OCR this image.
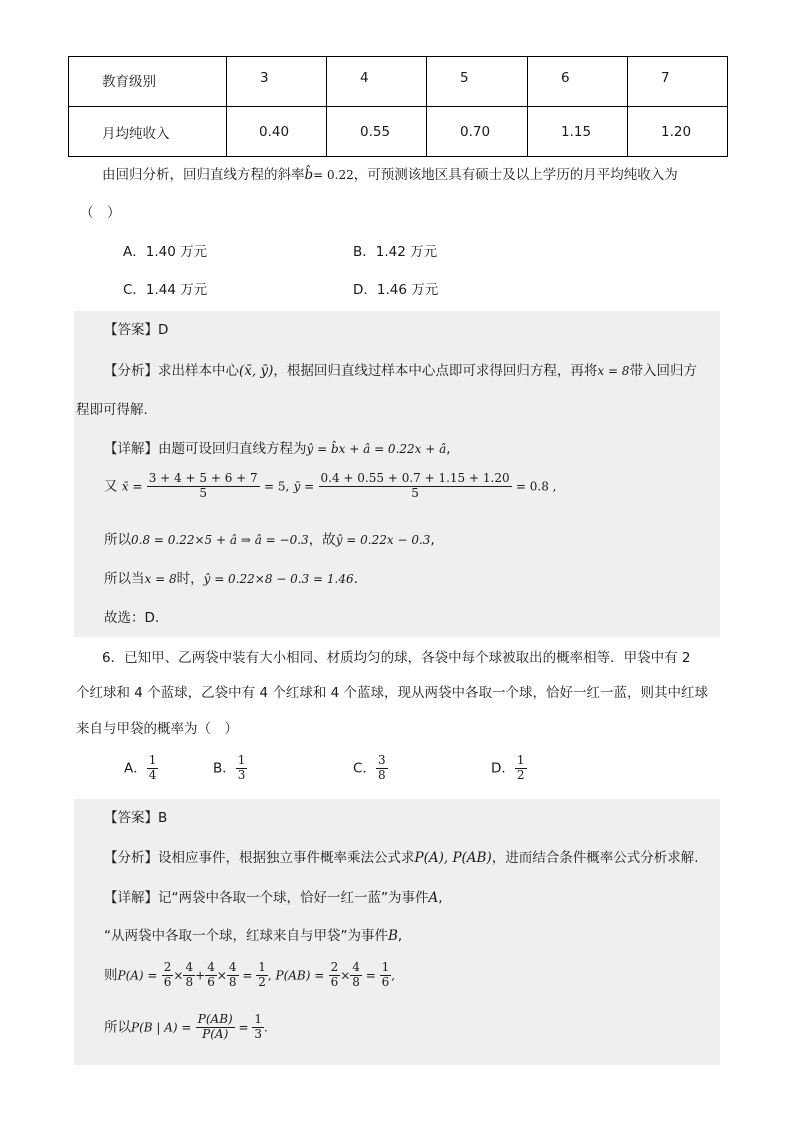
教育级别	3	4	5	6	7
月均纯收入	0.40	0.55	0.70	1.15	1.20
由回归分析，回归直线方程的斜率b̂= 0.22，可预测该地区具有硕士及以上学历的月平均纯收入为
（　）
A．1.40 万元	B．1.42 万元
C．1.44 万元	D．1.46 万元
【答案】D
【分析】求出样本中心(x̄, ȳ)，根据回归直线过样本中心点即可求得回归方程，再将x = 8带入回归方
程即可得解.
【详解】由题可设回归直线方程为ŷ = b̂x + â = 0.22x + â,
又 x̄ = $\frac{3 + 4 + 5 + 6 + 7}{5} = 5$, ȳ = $\frac{0.4 + 0.55 + 0.7 + 1.15 + 1.20}{5} = 0.8$ ,
所以0.8 = 0.22×5 + â ⇒ â = −0.3，故ŷ = 0.22x − 0.3,
所以当x = 8时，ŷ = 0.22×8 − 0.3 = 1.46.
故选：D.
6．已知甲、乙两袋中装有大小相同、材质均匀的球，各袋中每个球被取出的概率相等．甲袋中有 2
个红球和 4 个蓝球，乙袋中有 4 个红球和 4 个蓝球，现从两袋中各取一个球，恰好一红一蓝，则其中红球
来自与甲袋的概率为（　）
A． $\frac{1}{4}$	B． $\frac{1}{3}$	C． $\frac{3}{8}$	D． $\frac{1}{2}$
【答案】B
【分析】设相应事件，根据独立事件概率乘法公式求P(A), P(AB)，进而结合条件概率公式分析求解.
【详解】记“两袋中各取一个球，恰好一红一蓝”为事件A,
“从两袋中各取一个球，红球来自与甲袋”为事件B,
则$P(A) = \frac{2}{6} \times \frac{4}{8} + \frac{4}{6} \times \frac{4}{8} = \frac{1}{2}$ , $P(AB) = \frac{2}{6} \times \frac{4}{8} = \frac{1}{6}$ ,
所以P(B | $A) = \frac{P(AB)}{P(A)} = \frac{1}{3}$ .
